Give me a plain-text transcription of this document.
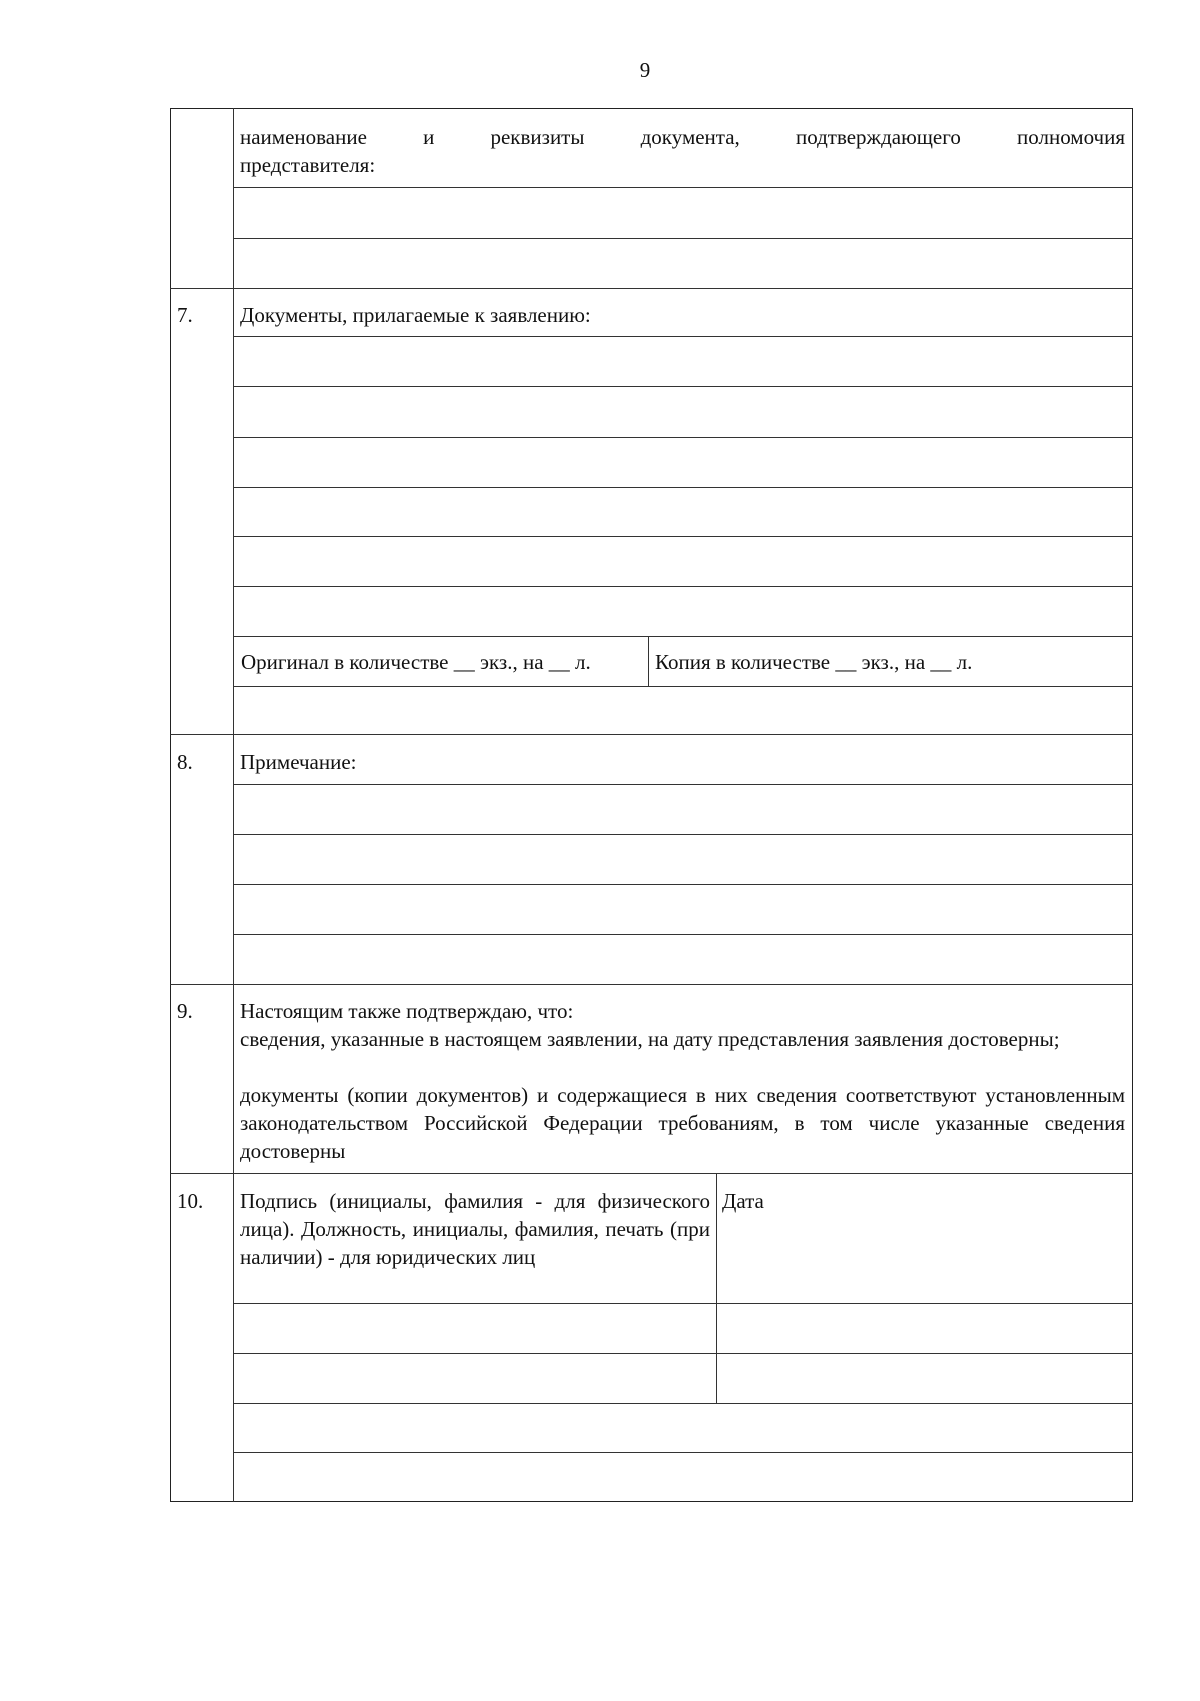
9
наименование и реквизиты документа, подтверждающего полномочия
представителя:
7. Документы, прилагаемые к заявлению:
Оригинал в количестве __ экз., на __ л.	Копия в количестве __ экз., на __ л.
8. Примечание:
9. Настоящим также подтверждаю, что:
сведения, указанные в настоящем заявлении, на дату представления заявления достоверны;
документы (копии документов) и содержащиеся в них сведения соответствуют установленным законодательством Российской Федерации требованиям, в том числе указанные сведения достоверны
10. Подпись (инициалы, фамилия - для физического лица). Должность, инициалы, фамилия, печать (при наличии) - для юридических лиц
Дата
